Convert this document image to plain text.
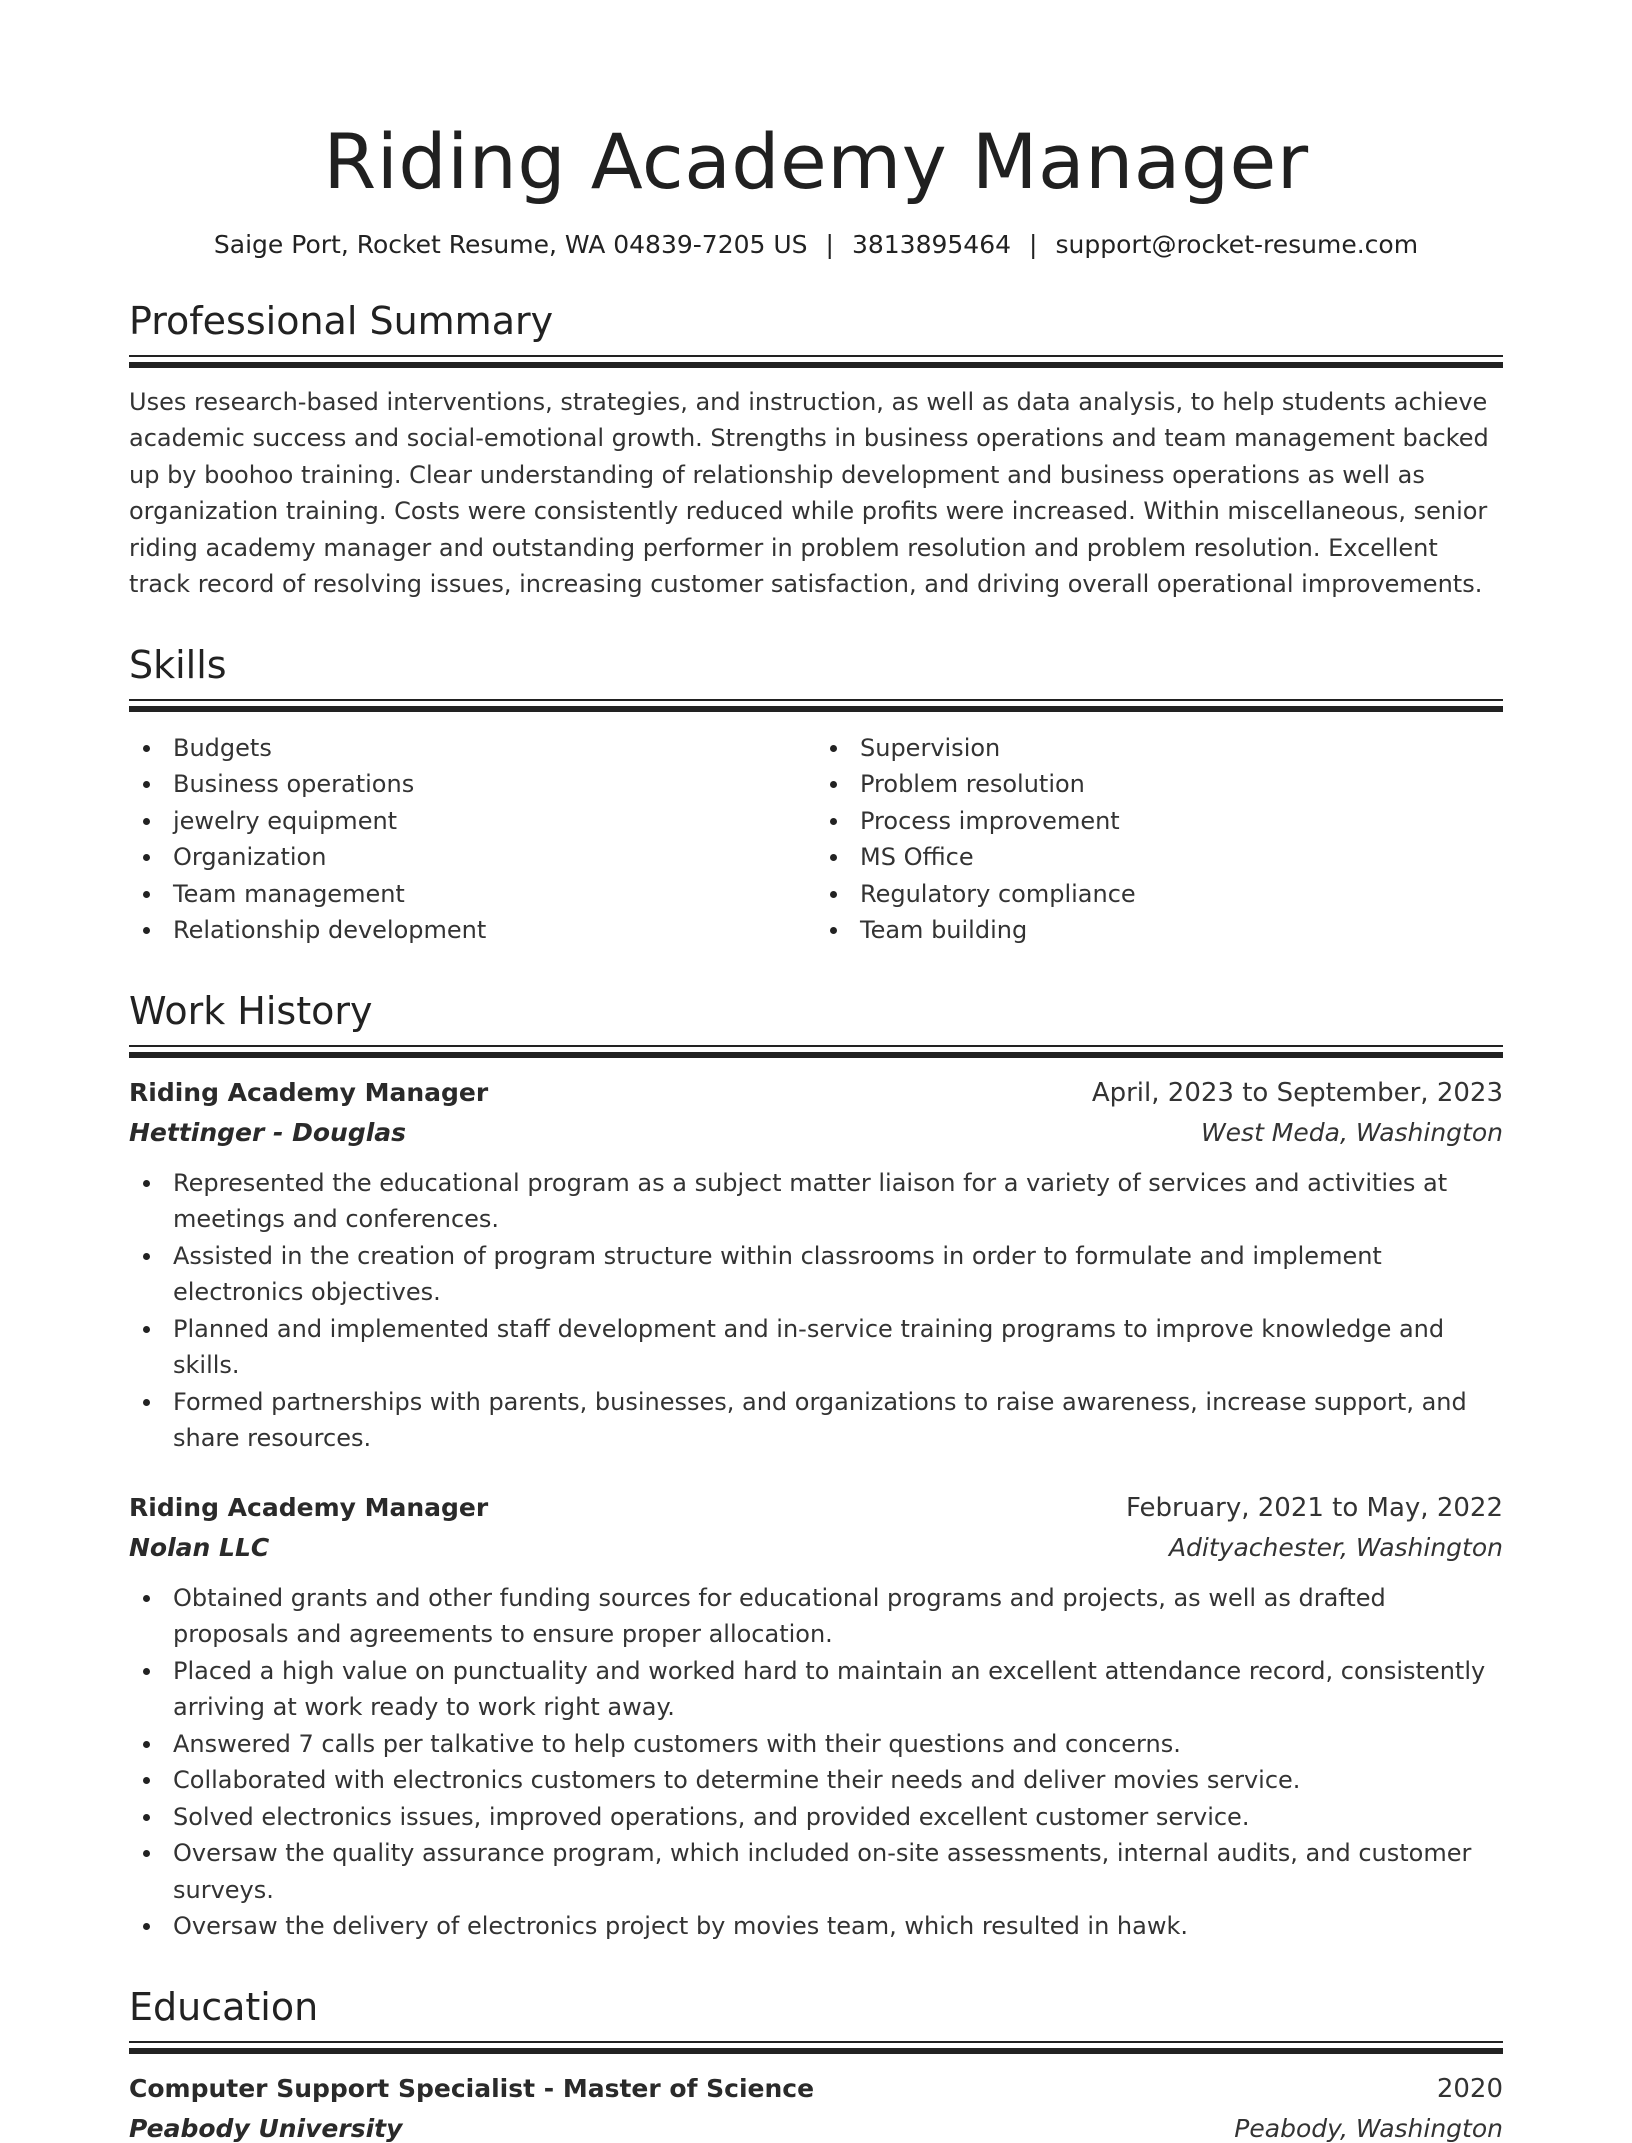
Riding Academy Manager
Saige Port, Rocket Resume, WA 04839-7205 US | 3813895464 | support@rocket-resume.com
Professional Summary
Uses research-based interventions, strategies, and instruction, as well as data analysis, to help students achieve academic success and social-emotional growth. Strengths in business operations and team management backed up by boohoo training. Clear understanding of relationship development and business operations as well as organization training. Costs were consistently reduced while profits were increased. Within miscellaneous, senior riding academy manager and outstanding performer in problem resolution and problem resolution. Excellent track record of resolving issues, increasing customer satisfaction, and driving overall operational improvements.
Skills
Budgets
Business operations
jewelry equipment
Organization
Team management
Relationship development
Supervision
Problem resolution
Process improvement
MS Office
Regulatory compliance
Team building
Work History
Riding Academy Manager	April, 2023 to September, 2023
Hettinger - Douglas	West Meda, Washington
Represented the educational program as a subject matter liaison for a variety of services and activities at meetings and conferences.
Assisted in the creation of program structure within classrooms in order to formulate and implement electronics objectives.
Planned and implemented staff development and in-service training programs to improve knowledge and skills.
Formed partnerships with parents, businesses, and organizations to raise awareness, increase support, and share resources.
Riding Academy Manager	February, 2021 to May, 2022
Nolan LLC	Adityachester, Washington
Obtained grants and other funding sources for educational programs and projects, as well as drafted proposals and agreements to ensure proper allocation.
Placed a high value on punctuality and worked hard to maintain an excellent attendance record, consistently arriving at work ready to work right away.
Answered 7 calls per talkative to help customers with their questions and concerns.
Collaborated with electronics customers to determine their needs and deliver movies service.
Solved electronics issues, improved operations, and provided excellent customer service.
Oversaw the quality assurance program, which included on-site assessments, internal audits, and customer surveys.
Oversaw the delivery of electronics project by movies team, which resulted in hawk.
Education
Computer Support Specialist - Master of Science	2020
Peabody University	Peabody, Washington
